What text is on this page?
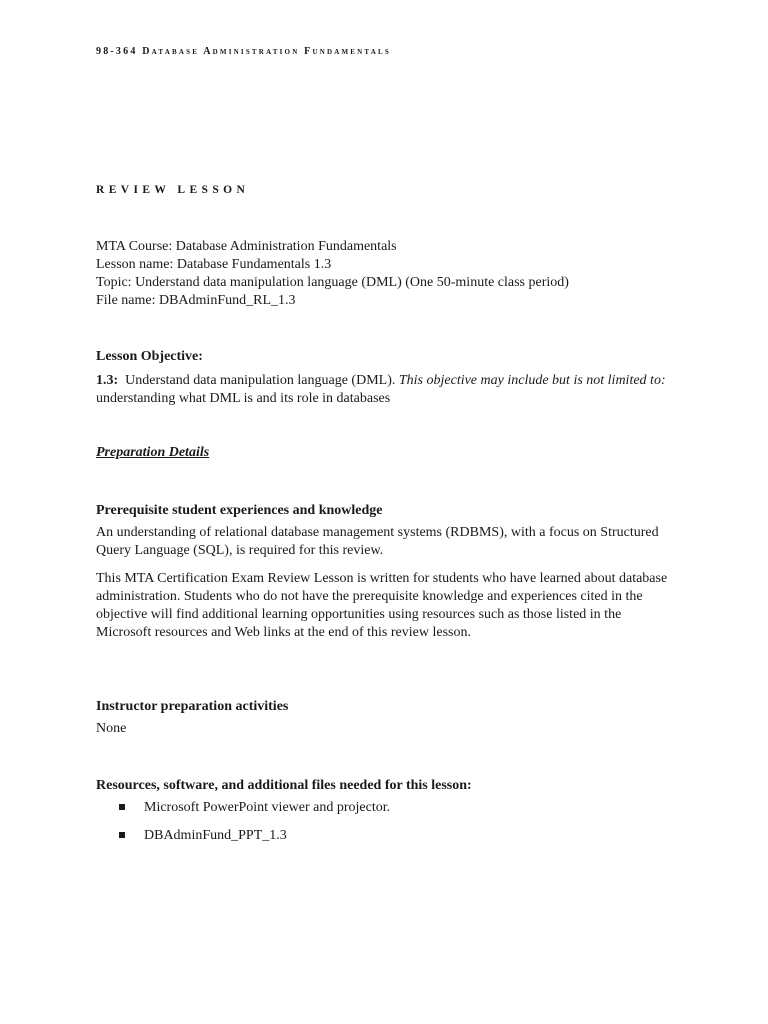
98-364 Database Administration Fundamentals
REVIEW LESSON
MTA Course: Database Administration Fundamentals
Lesson name: Database Fundamentals 1.3
Topic: Understand data manipulation language (DML) (One 50-minute class period)
File name: DBAdminFund_RL_1.3
Lesson Objective:
1.3: Understand data manipulation language (DML). This objective may include but is not limited to: understanding what DML is and its role in databases
Preparation Details
Prerequisite student experiences and knowledge

An understanding of relational database management systems (RDBMS), with a focus on Structured Query Language (SQL), is required for this review.

This MTA Certification Exam Review Lesson is written for students who have learned about database administration. Students who do not have the prerequisite knowledge and experiences cited in the objective will find additional learning opportunities using resources such as those listed in the Microsoft resources and Web links at the end of this review lesson.

Instructor preparation activities
None
Resources, software, and additional files needed for this lesson:
Microsoft PowerPoint viewer and projector.
DBAdminFund_PPT_1.3
